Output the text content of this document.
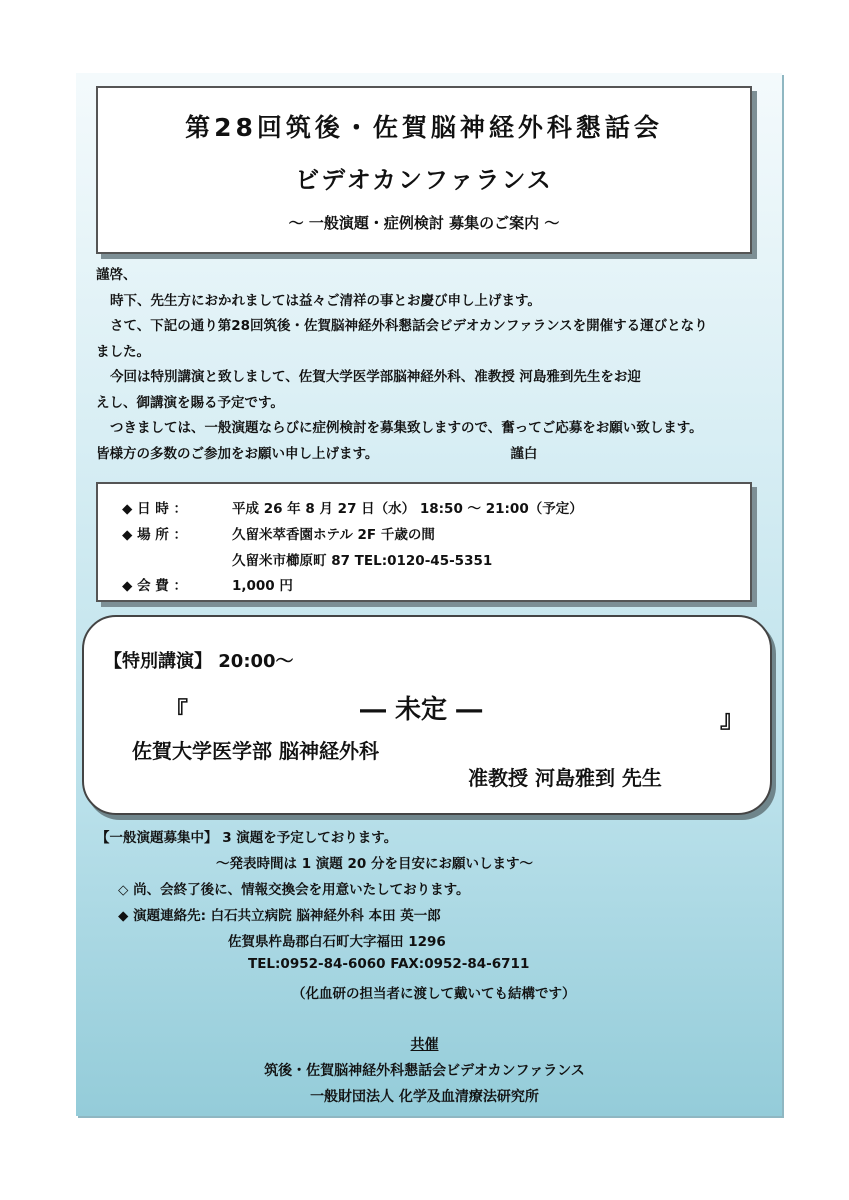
第28回筑後・佐賀脳神経外科懇話会
ビデオカンファランス
～ 一般演題・症例検討 募集のご案内 ～

謹啓、

時下、先生方におかれましては益々ご清祥の事とお慶び申し上げます。

さて、下記の通り第28回筑後・佐賀脳神経外科懇話会ビデオカンファランスを開催する運びとなり

ました。

今回は特別講演と致しまして、佐賀大学医学部脳神経外科、准教授 河島雅到先生をお迎

えし、御講演を賜る予定です。

つきましては、一般演題ならびに症例検討を募集致しますので、奮ってご応募をお願い致します。

皆様方の多数のご参加をお願い申し上げます。	謹白

◆ 日 時 ：	平成 26 年 8 月 27 日（水） 18:50 ～ 21:00（予定）
◆ 場 所 ：	久留米萃香園ホテル 2F 千歳の間
久留米市櫛原町 87 TEL:0120-45-5351
◆ 会 費 ：	1,000 円
【特別講演】 20:00～
『	― 未定 ―	』
佐賀大学医学部 脳神経外科
准教授 河島雅到 先生
【一般演題募集中】 3 演題を予定しております。
～発表時間は 1 演題 20 分を目安にお願いします～
◇ 尚、会終了後に、情報交換会を用意いたしております。
◆ 演題連絡先: 白石共立病院 脳神経外科 本田 英一郎
佐賀県杵島郡白石町大字福田 1296
TEL:0952-84-6060 FAX:0952-84-6711
（化血研の担当者に渡して戴いても結構です）
共催
筑後・佐賀脳神経外科懇話会ビデオカンファランス
一般財団法人 化学及血清療法研究所
